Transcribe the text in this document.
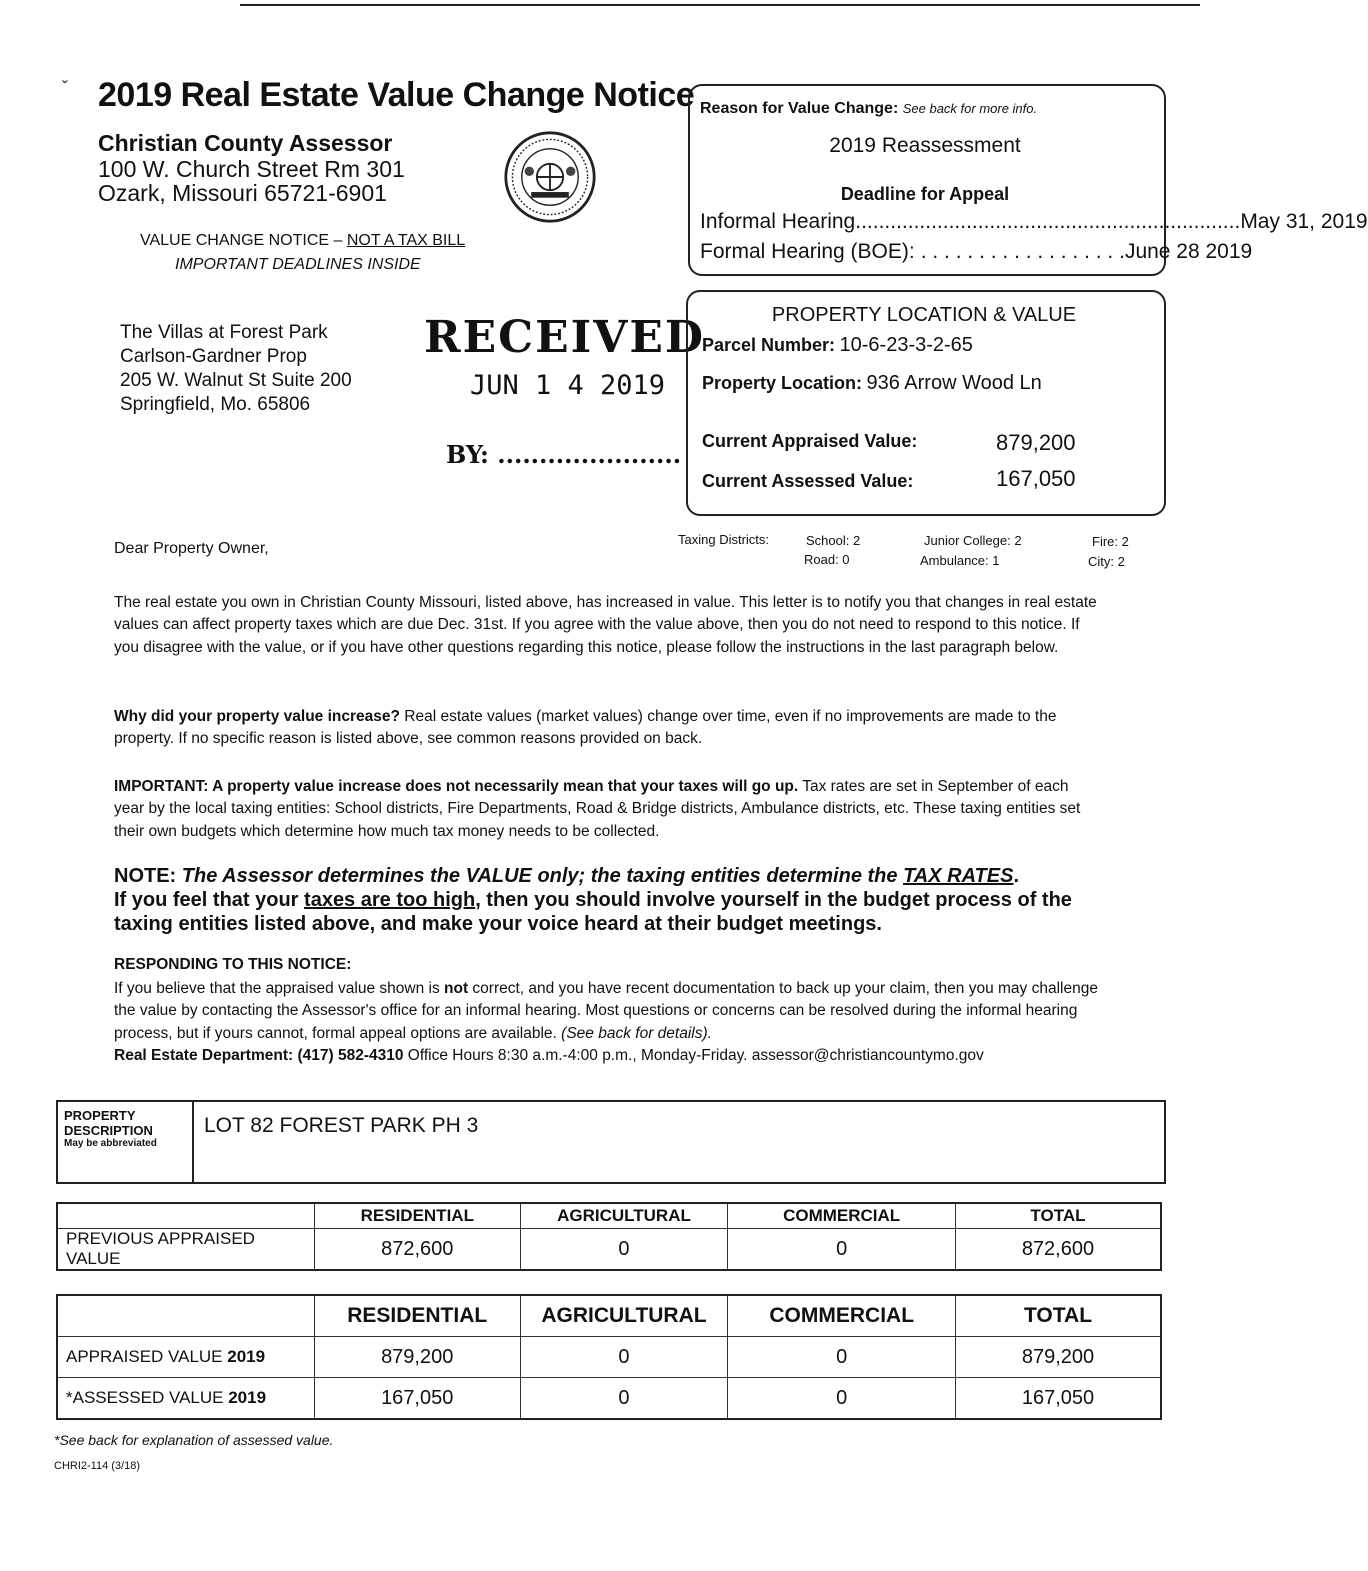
ˇ 2019 Real Estate Value Change Notice
Christian County Assessor
100 W. Church Street Rm 301
Ozark, Missouri 65721-6901
VALUE CHANGE NOTICE – NOT A TAX BILL
IMPORTANT DEADLINES INSIDE
The Villas at Forest Park
Carlson-Gardner Prop
205 W. Walnut St Suite 200
Springfield, Mo. 65806
RECEIVED
JUN 1 4 2019
BY: ......................
Reason for Value Change: See back for more info.
2019 Reassessment
Deadline for Appeal
Informal Hearing .................................................................. May 31, 2019
Formal Hearing (BOE): . . . . . . . . . . . . . . . . . . June 28 2019
PROPERTY LOCATION & VALUE
Parcel Number: 10-6-23-3-2-65
Property Location: 936 Arrow Wood Ln
Current Appraised Value:	879,200
Current Assessed Value:	167,050
Taxing Districts:	School: 2
Road: 0
Junior College: 2
Ambulance: 1
Fire: 2
City: 2
Dear Property Owner,
The real estate you own in Christian County Missouri, listed above, has increased in value. This letter is to notify you that changes in real estate values can affect property taxes which are due Dec. 31st. If you agree with the value above, then you do not need to respond to this notice. If you disagree with the value, or if you have other questions regarding this notice, please follow the instructions in the last paragraph below.
Why did your property value increase? Real estate values (market values) change over time, even if no improvements are made to the property. If no specific reason is listed above, see common reasons provided on back.
IMPORTANT: A property value increase does not necessarily mean that your taxes will go up. Tax rates are set in September of each year by the local taxing entities: School districts, Fire Departments, Road & Bridge districts, Ambulance districts, etc. These taxing entities set their own budgets which determine how much tax money needs to be collected.
NOTE: The Assessor determines the VALUE only; the taxing entities determine the TAX RATES.
If you feel that your taxes are too high, then you should involve yourself in the budget process of the taxing entities listed above, and make your voice heard at their budget meetings.
RESPONDING TO THIS NOTICE:
If you believe that the appraised value shown is not correct, and you have recent documentation to back up your claim, then you may challenge the value by contacting the Assessor's office for an informal hearing. Most questions or concerns can be resolved during the informal hearing process, but if yours cannot, formal appeal options are available. (See back for details).
Real Estate Department: (417) 582-4310 Office Hours 8:30 a.m.-4:00 p.m., Monday-Friday. assessor@christiancountymo.gov
PROPERTY
DESCRIPTION
May be abbreviated
LOT 82 FOREST PARK PH 3
	RESIDENTIAL	AGRICULTURAL	COMMERCIAL	TOTAL
PREVIOUS APPRAISED VALUE	872,600	0	0	872,600
	RESIDENTIAL	AGRICULTURAL	COMMERCIAL	TOTAL
APPRAISED VALUE 2019	879,200	0	0	879,200
*ASSESSED VALUE 2019	167,050	0	0	167,050
*See back for explanation of assessed value.
CHRI2-114 (3/18)
